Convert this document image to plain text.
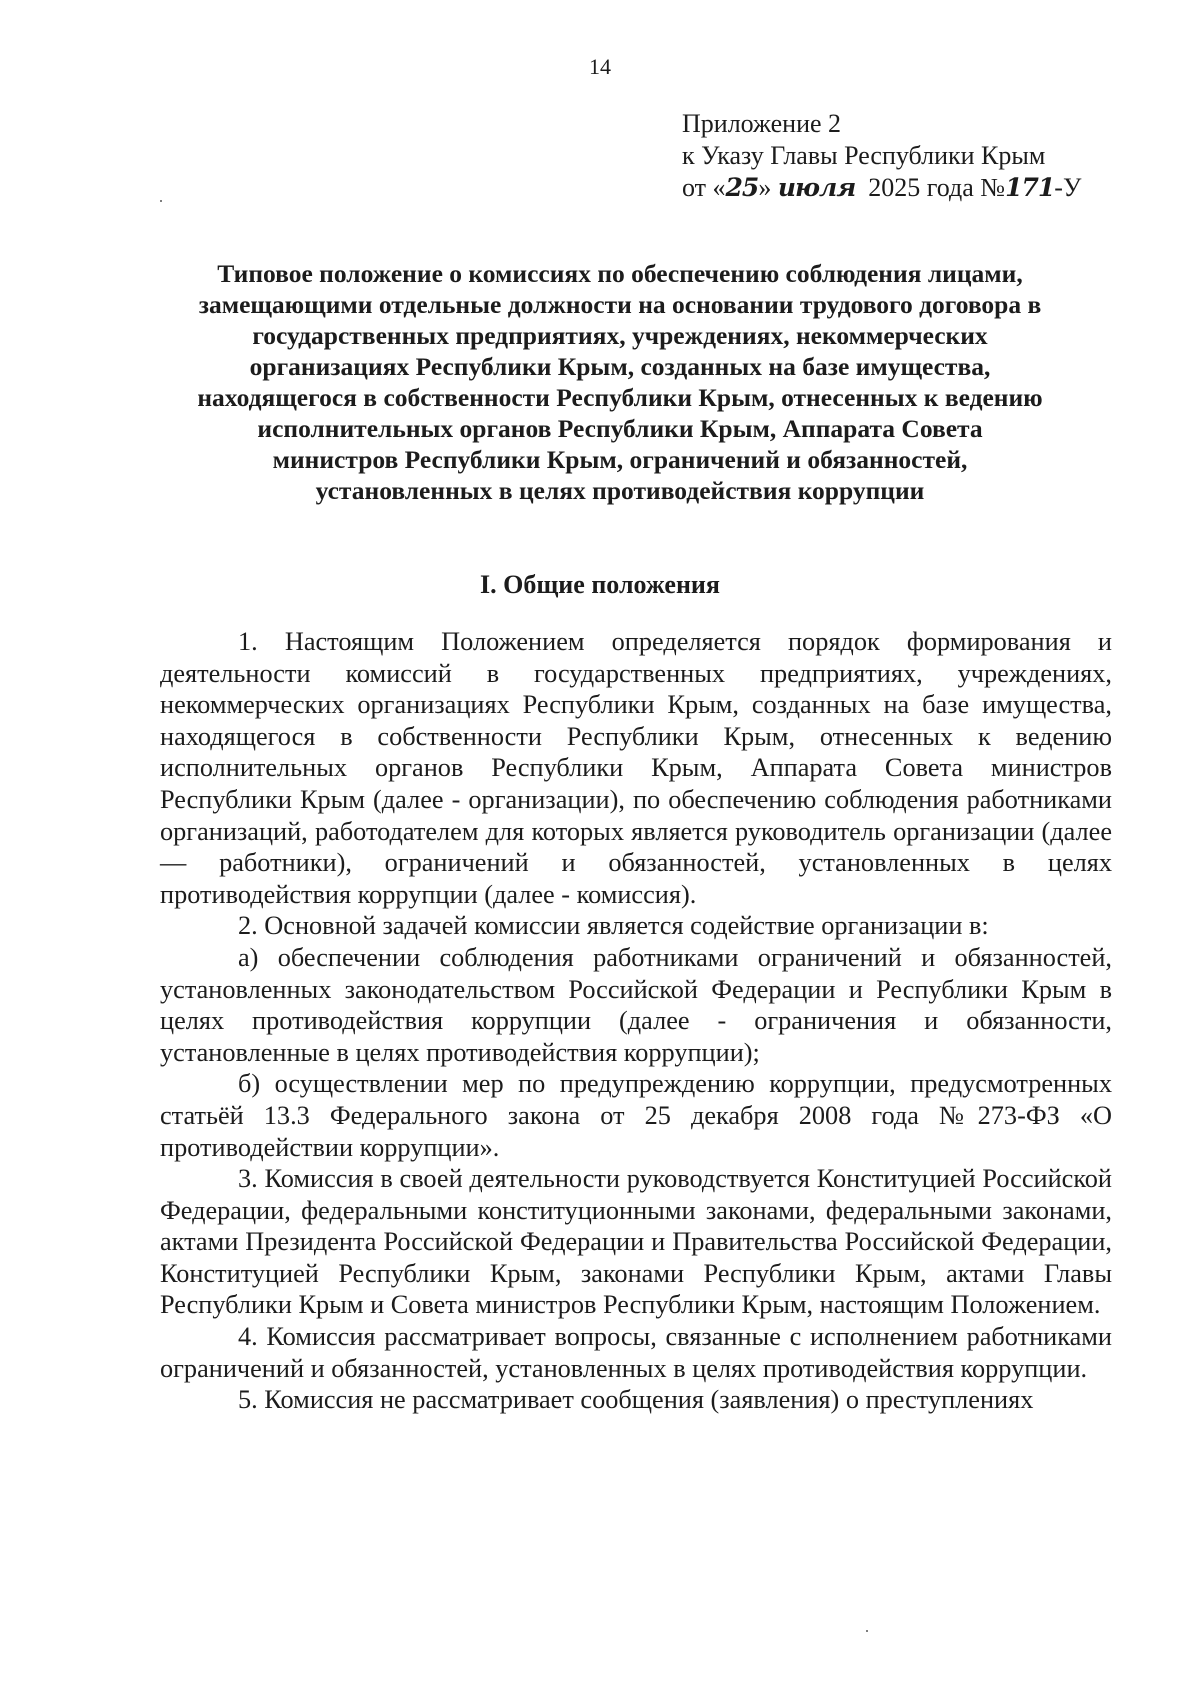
14
Приложение 2
к Указу Главы Республики Крым
от «25» июля  2025 года №171-У
Типовое положение о комиссиях по обеспечению соблюдения лицами,
замещающими отдельные должности на основании трудового договора в
государственных предприятиях, учреждениях, некоммерческих
организациях Республики Крым, созданных на базе имущества,
находящегося в собственности Республики Крым, отнесенных к ведению
исполнительных органов Республики Крым, Аппарата Совета
министров Республики Крым, ограничений и обязанностей,
установленных в целях противодействия коррупции
I. Общие положения

1. Настоящим Положением определяется порядок формирования и деятельности комиссий в государственных предприятиях, учреждениях, некоммерческих организациях Республики Крым, созданных на базе имущества, находящегося в собственности Республики Крым, отнесенных к ведению исполнительных органов Республики Крым, Аппарата Совета министров Республики Крым (далее - организации), по обеспечению соблюдения работниками организаций, работодателем для которых является руководитель организации (далее — работники), ограничений и обязанностей, установленных в целях противодействия коррупции (далее - комиссия).

2. Основной задачей комиссии является содействие организации в:

а) обеспечении соблюдения работниками ограничений и обязанностей, установленных законодательством Российской Федерации и Республики Крым в целях противодействия коррупции (далее - ограничения и обязанности, установленные в целях противодействия коррупции);

б) осуществлении мер по предупреждению коррупции, предусмотренных статьёй 13.3 Федерального закона от 25 декабря 2008 года №273-ФЗ «О противодействии коррупции».

3. Комиссия в своей деятельности руководствуется Конституцией Российской Федерации, федеральными конституционными законами, федеральными законами, актами Президента Российской Федерации и Правительства Российской Федерации, Конституцией Республики Крым, законами Республики Крым, актами Главы Республики Крым и Совета министров Республики Крым, настоящим Положением.

4. Комиссия рассматривает вопросы, связанные с исполнением работниками ограничений и обязанностей, установленных в целях противодействия коррупции.

5. Комиссия не рассматривает сообщения (заявления) о преступлениях
